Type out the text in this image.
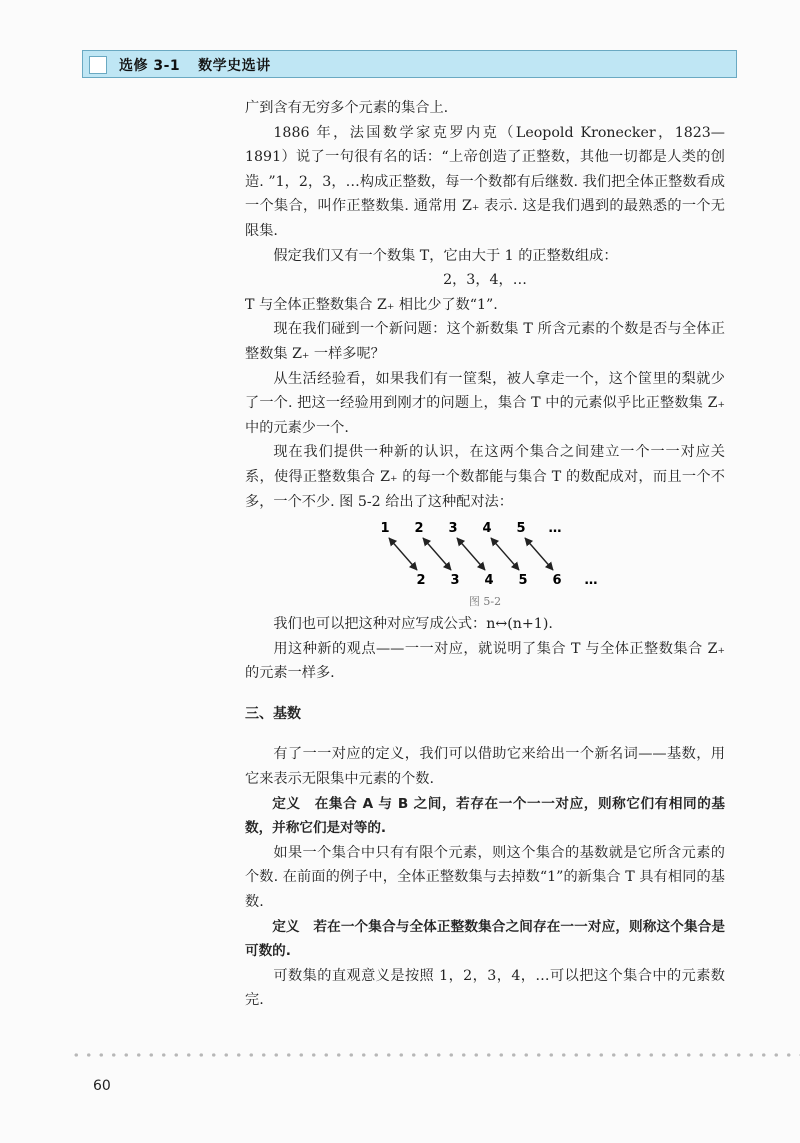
选修 3-1 数学史选讲

广到含有无穷多个元素的集合上.

1886 年，法国数学家克罗内克（Leopold Kronecker，1823—1891）说了一句很有名的话：“上帝创造了正整数，其他一切都是人类的创造. ”1，2，3，…构成正整数，每一个数都有后继数. 我们把全体正整数看成一个集合，叫作正整数集. 通常用 Z₊ 表示. 这是我们遇到的最熟悉的一个无限集.

假定我们又有一个数集 T，它由大于 1 的正整数组成：

2，3，4，…

T 与全体正整数集合 Z₊ 相比少了数“1”.

现在我们碰到一个新问题：这个新数集 T 所含元素的个数是否与全体正整数集 Z₊ 一样多呢？

从生活经验看，如果我们有一筐梨，被人拿走一个，这个筐里的梨就少了一个. 把这一经验用到刚才的问题上，集合 T 中的元素似乎比正整数集 Z₊ 中的元素少一个.

现在我们提供一种新的认识，在这两个集合之间建立一个一一对应关系，使得正整数集合 Z₊ 的每一个数都能与集合 T 的数配成对，而且一个不多，一个不少. 图 5-2 给出了这种配对法：

1 2 3 4 5 …
2 3 4 5 6 …
图 5-2

我们也可以把这种对应写成公式：n↔(n+1).

用这种新的观点——一一对应，就说明了集合 T 与全体正整数集合 Z₊ 的元素一样多.

三、基数

有了一一对应的定义，我们可以借助它来给出一个新名词——基数，用它来表示无限集中元素的个数.

定义　在集合 A 与 B 之间，若存在一个一一对应，则称它们有相同的基数，并称它们是对等的.

如果一个集合中只有有限个元素，则这个集合的基数就是它所含元素的个数. 在前面的例子中，全体正整数集与去掉数“1”的新集合 T 具有相同的基数.

定义　若在一个集合与全体正整数集合之间存在一一对应，则称这个集合是可数的.

可数集的直观意义是按照 1，2，3，4，…可以把这个集合中的元素数完.

60
